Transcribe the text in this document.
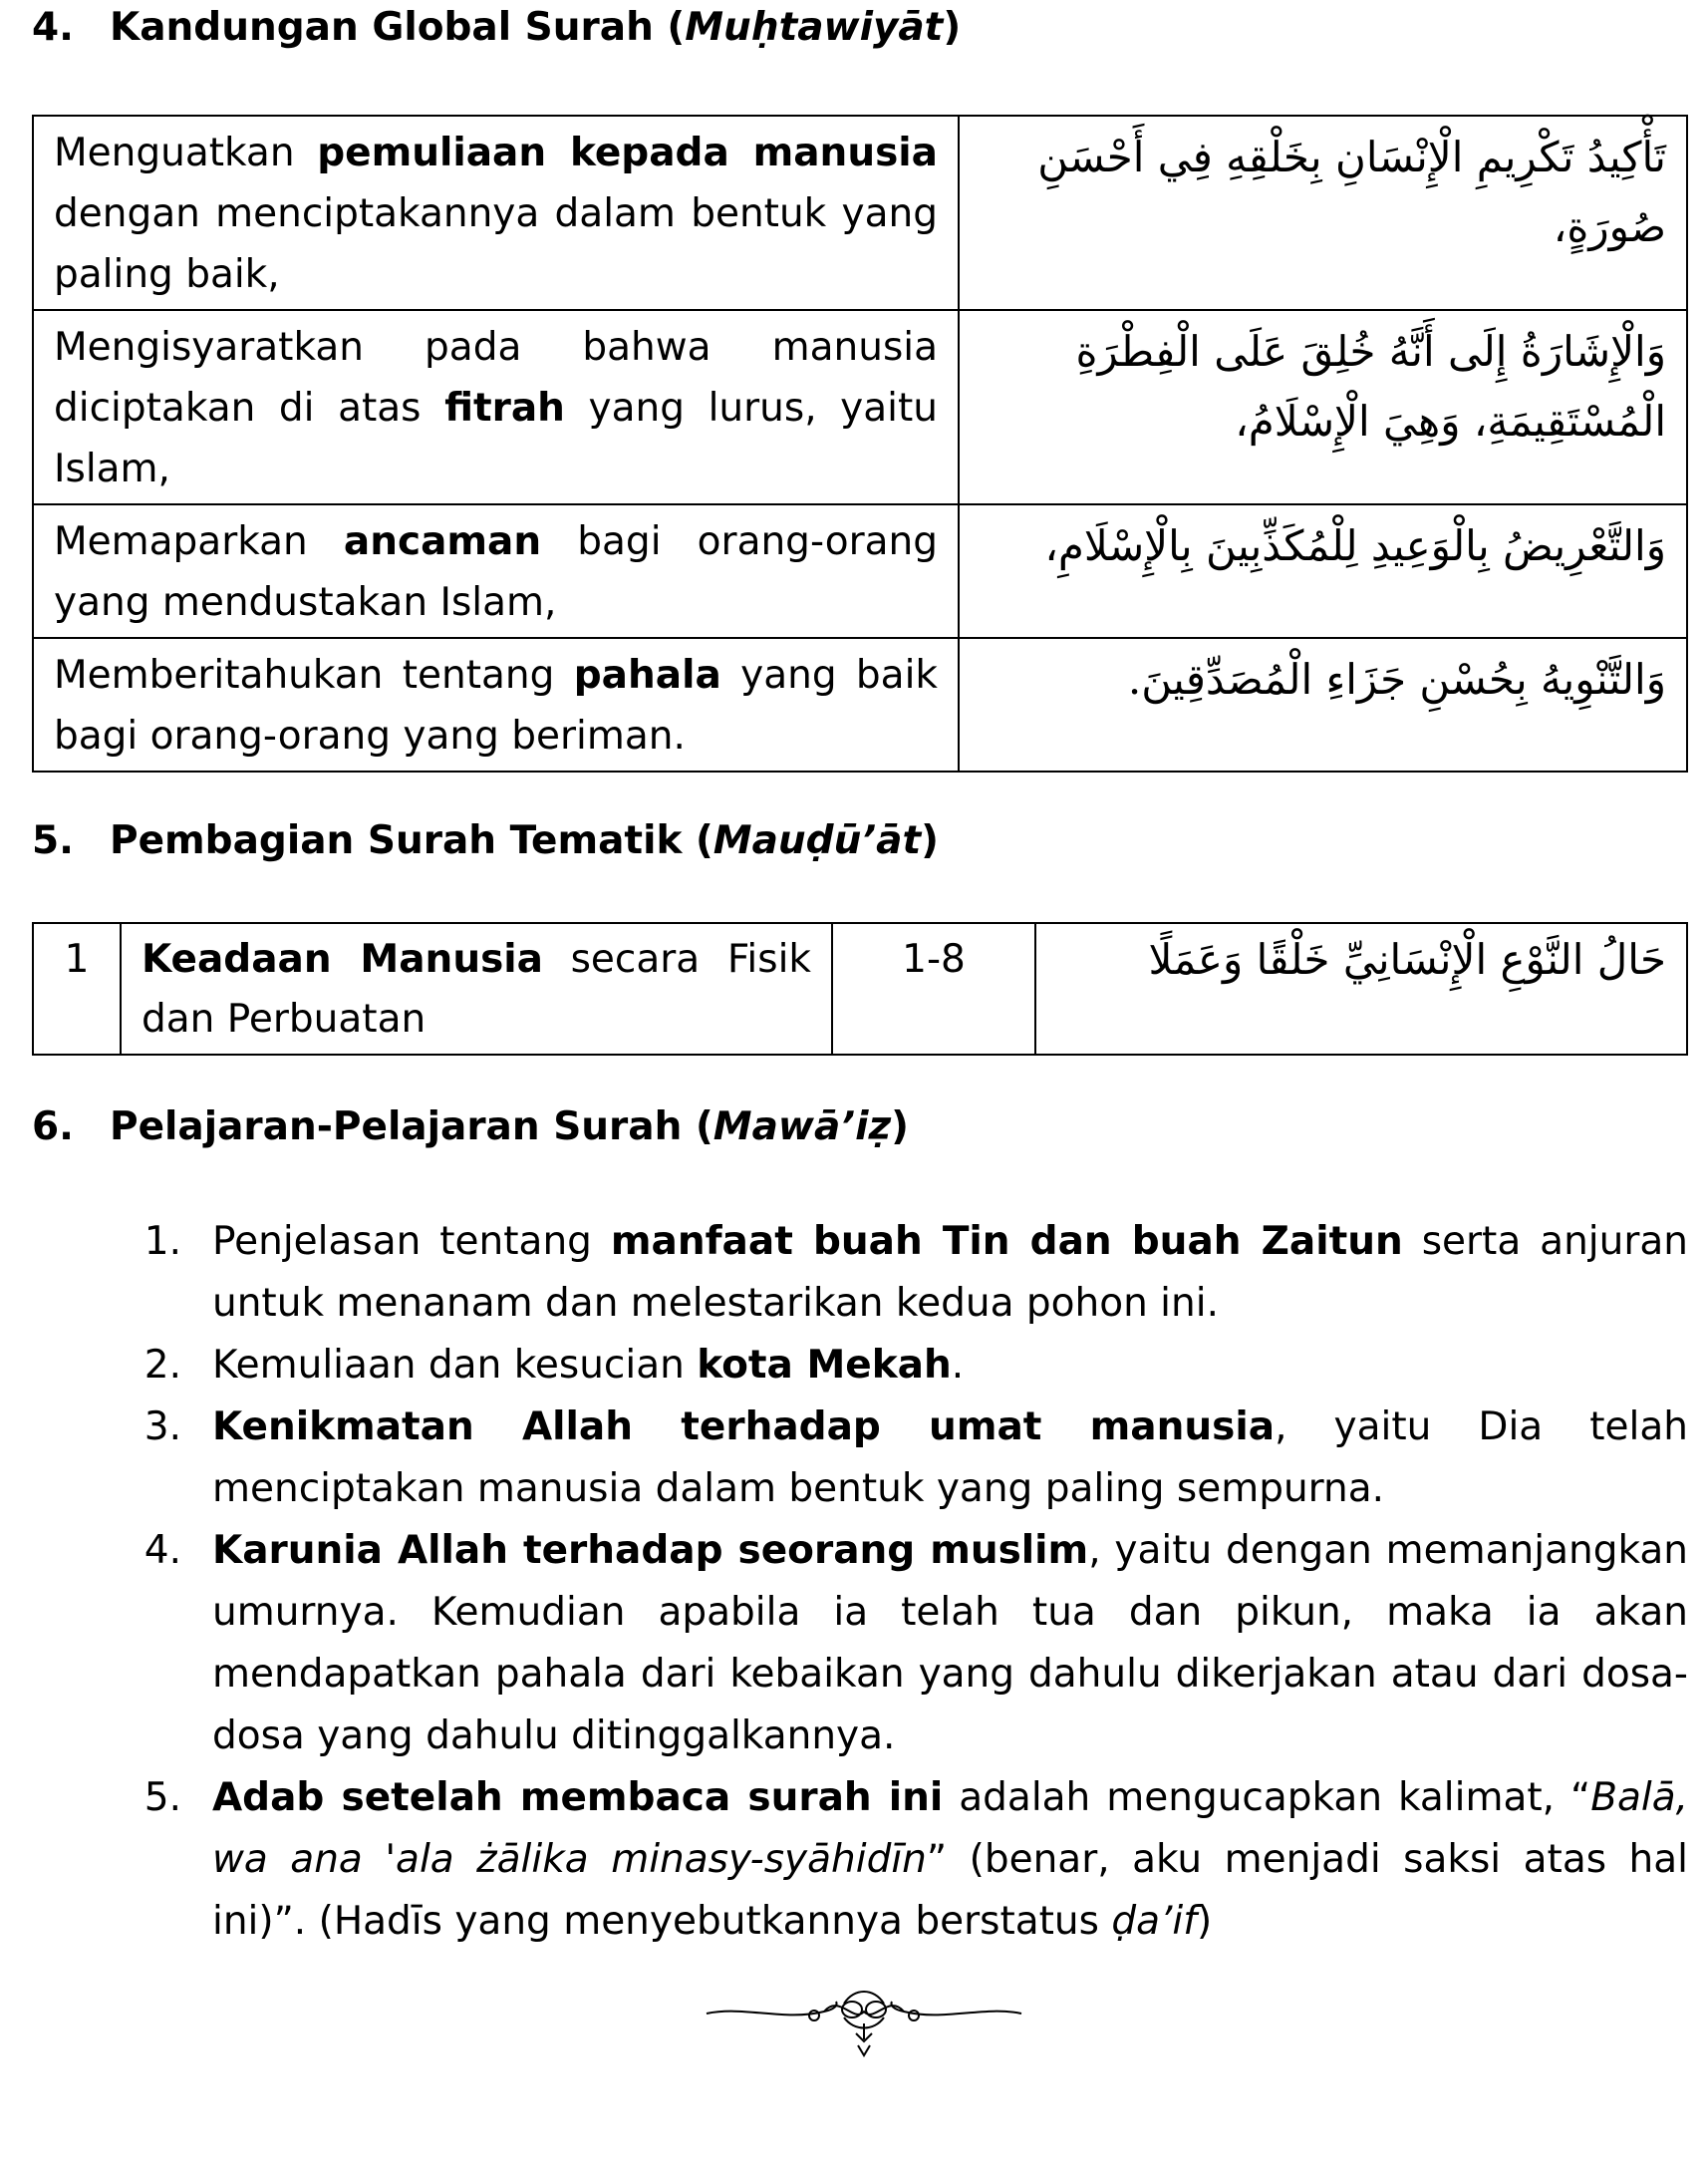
4. Kandungan Global Surah (Muḥtawiyāt)
Menguatkan pemuliaan kepada manusia dengan menciptakannya dalam bentuk yang paling baik,	تَأْكِيدُ تَكْرِيمِ الْإِنْسَانِ بِخَلْقِهِ فِي أَحْسَنِ صُورَةٍ،
Mengisyaratkan pada bahwa manusia diciptakan di atas fitrah yang lurus, yaitu Islam,	وَالْإِشَارَةُ إِلَى أَنَّهُ خُلِقَ عَلَى الْفِطْرَةِ الْمُسْتَقِيمَةِ، وَهِيَ الْإِسْلَامُ،
Memaparkan ancaman bagi orang-orang yang mendustakan Islam,	وَالتَّعْرِيضُ بِالْوَعِيدِ لِلْمُكَذِّبِينَ بِالْإِسْلَامِ،
Memberitahukan tentang pahala yang baik bagi orang-orang yang beriman.	وَالتَّنْوِيهُ بِحُسْنِ جَزَاءِ الْمُصَدِّقِينَ.
5. Pembagian Surah Tematik (Mauḍū’āt)
1	Keadaan Manusia secara Fisik dan Perbuatan	1-8	حَالُ النَّوْعِ الْإِنْسَانِيِّ خَلْقًا وَعَمَلًا
6. Pelajaran-Pelajaran Surah (Mawā’iẓ)
1. Penjelasan tentang manfaat buah Tin dan buah Zaitun serta anjuran untuk menanam dan melestarikan kedua pohon ini.
2. Kemuliaan dan kesucian kota Mekah.
3. Kenikmatan Allah terhadap umat manusia, yaitu Dia telah menciptakan manusia dalam bentuk yang paling sempurna.
4. Karunia Allah terhadap seorang muslim, yaitu dengan memanjangkan umurnya. Kemudian apabila ia telah tua dan pikun, maka ia akan mendapatkan pahala dari kebaikan yang dahulu dikerjakan atau dari dosa-dosa yang dahulu ditinggalkannya.
5. Adab setelah membaca surah ini adalah mengucapkan kalimat, “Balā, wa ana 'ala żālika minasy-syāhidīn” (benar, aku menjadi saksi atas hal ini)”. (Hadīs yang menyebutkannya berstatus ḍa’if)
